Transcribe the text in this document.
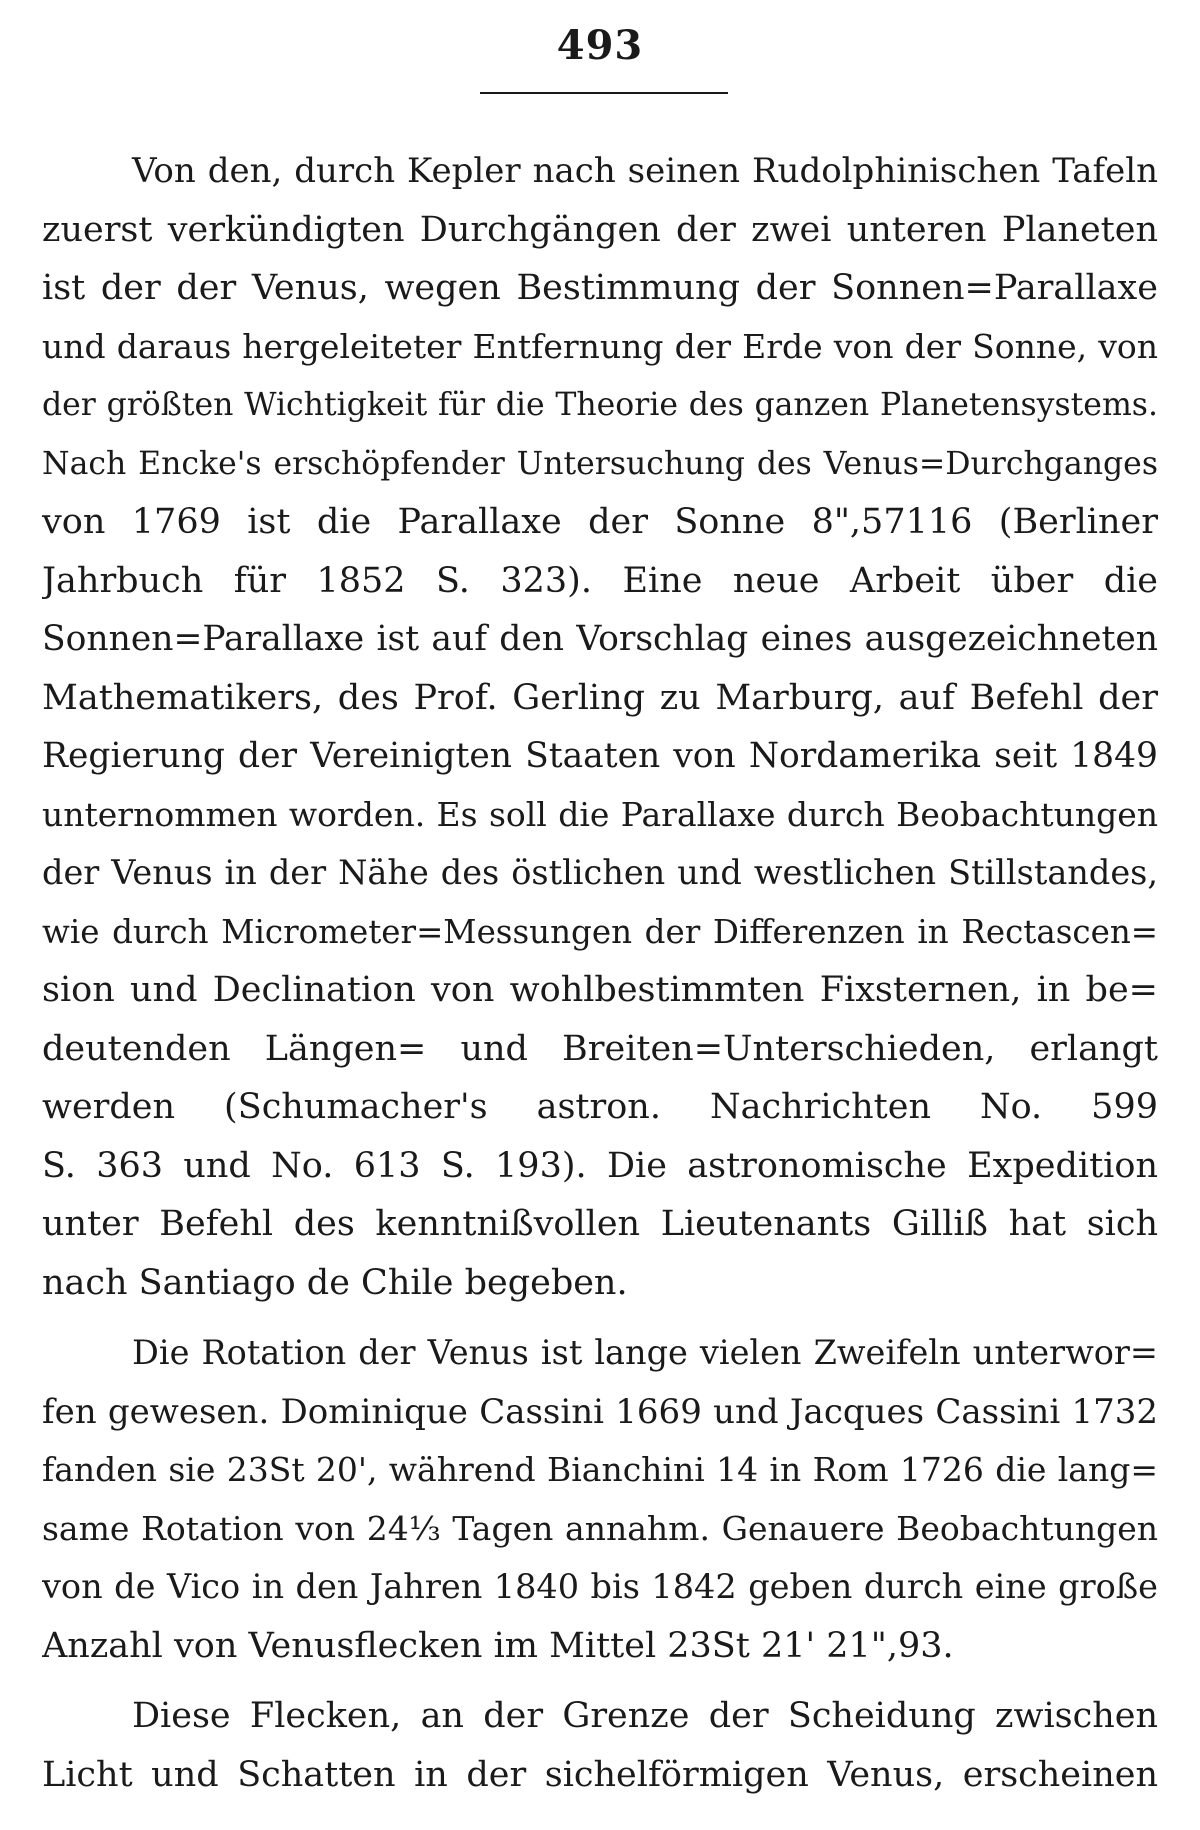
493
Von den, durch Kepler nach seinen Rudolphinischen Tafeln
zuerst verkündigten Durchgängen der zwei unteren Planeten
ist der der Venus, wegen Bestimmung der Sonnen=Parallaxe
und daraus hergeleiteter Entfernung der Erde von der Sonne, von
der größten Wichtigkeit für die Theorie des ganzen Planetensystems.
Nach Encke's erschöpfender Untersuchung des Venus=Durchganges
von 1769 ist die Parallaxe der Sonne 8",57116 (Berliner
Jahrbuch für 1852 S. 323). Eine neue Arbeit über die
Sonnen=Parallaxe ist auf den Vorschlag eines ausgezeichneten
Mathematikers, des Prof. Gerling zu Marburg, auf Befehl der
Regierung der Vereinigten Staaten von Nordamerika seit 1849
unternommen worden. Es soll die Parallaxe durch Beobachtungen
der Venus in der Nähe des östlichen und westlichen Stillstandes,
wie durch Micrometer=Messungen der Differenzen in Rectascen=
sion und Declination von wohlbestimmten Fixsternen, in be=
deutenden Längen= und Breiten=Unterschieden, erlangt
werden (Schumacher's astron. Nachrichten No. 599
S. 363 und No. 613 S. 193). Die astronomische Expedition
unter Befehl des kenntnißvollen Lieutenants Gilliß hat sich
nach Santiago de Chile begeben.
Die Rotation der Venus ist lange vielen Zweifeln unterwor=
fen gewesen. Dominique Cassini 1669 und Jacques Cassini 1732
fanden sie 23St 20', während Bianchini 14 in Rom 1726 die lang=
same Rotation von 24⅓ Tagen annahm. Genauere Beobachtungen
von de Vico in den Jahren 1840 bis 1842 geben durch eine große
Anzahl von Venusflecken im Mittel 23St 21' 21",93.
Diese Flecken, an der Grenze der Scheidung zwischen
Licht und Schatten in der sichelförmigen Venus, erscheinen
